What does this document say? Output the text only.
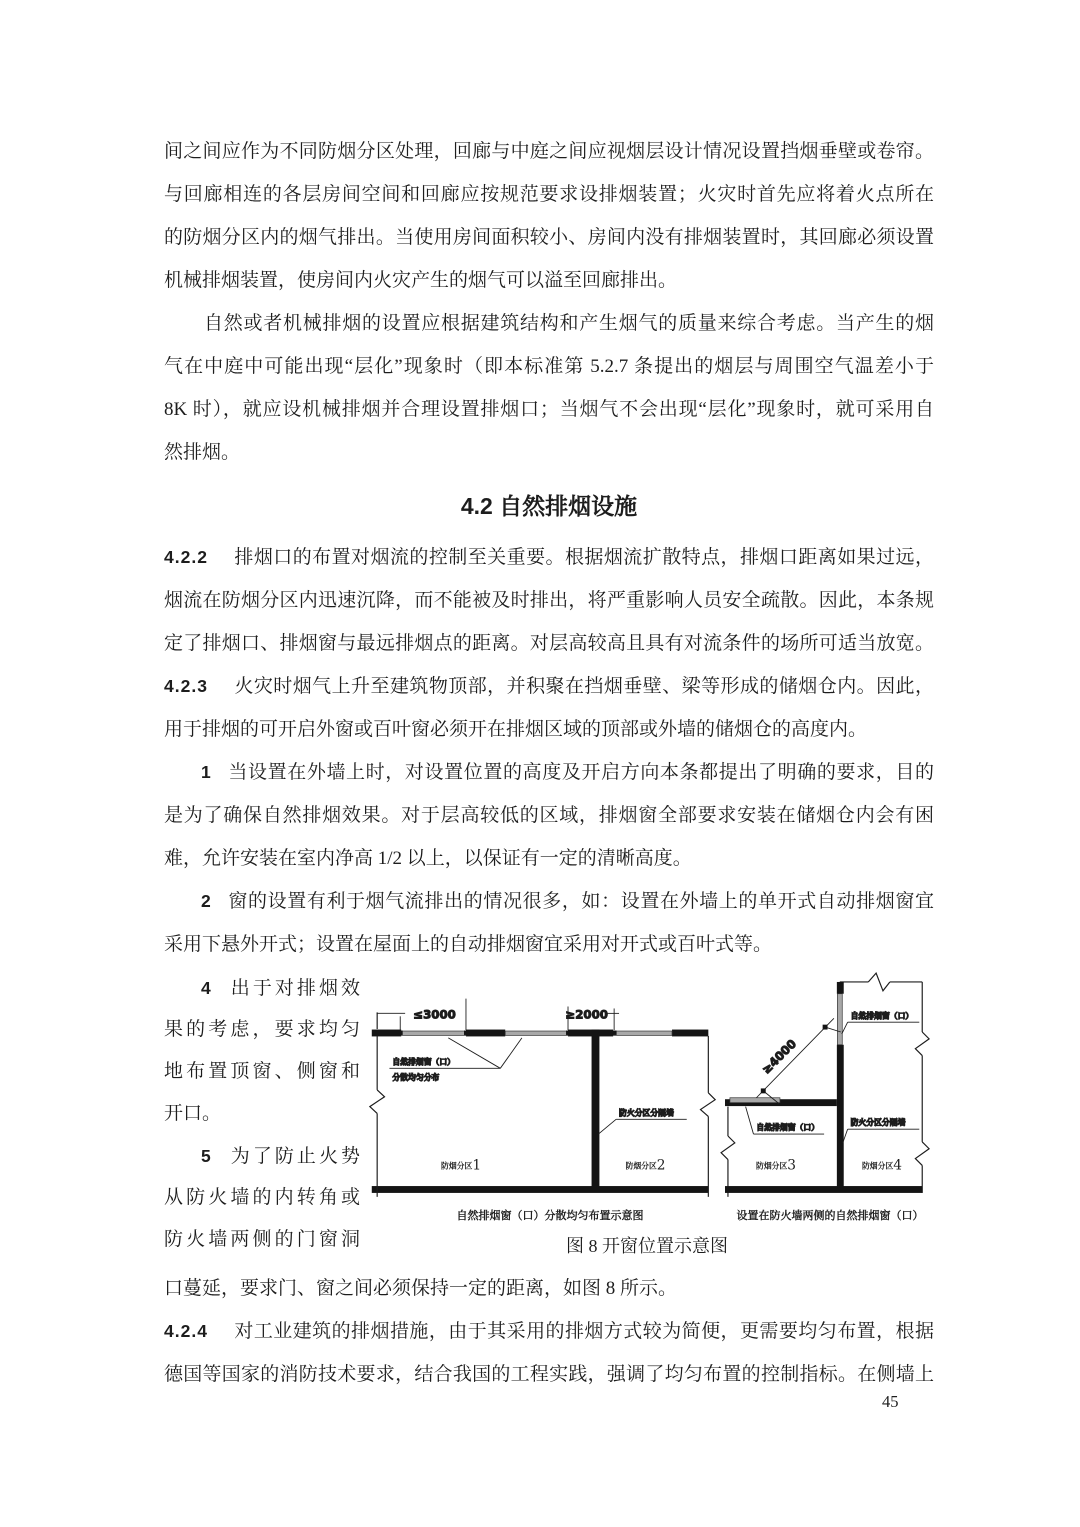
间之间应作为不同防烟分区处理，回廊与中庭之间应视烟层设计情况设置挡烟垂壁或卷帘。
与回廊相连的各层房间空间和回廊应按规范要求设排烟装置；火灾时首先应将着火点所在
的防烟分区内的烟气排出。当使用房间面积较小、房间内没有排烟装置时，其回廊必须设置
机械排烟装置，使房间内火灾产生的烟气可以溢至回廊排出。
自然或者机械排烟的设置应根据建筑结构和产生烟气的质量来综合考虑。当产生的烟
气在中庭中可能出现“层化”现象时（即本标准第 5.2.7 条提出的烟层与周围空气温差小于
8K 时），就应设机械排烟并合理设置排烟口；当烟气不会出现“层化”现象时，就可采用自
然排烟。
4.2 自然排烟设施
4.2.2 排烟口的布置对烟流的控制至关重要。根据烟流扩散特点，排烟口距离如果过远，
烟流在防烟分区内迅速沉降，而不能被及时排出，将严重影响人员安全疏散。因此，本条规
定了排烟口、排烟窗与最远排烟点的距离。对层高较高且具有对流条件的场所可适当放宽。
4.2.3 火灾时烟气上升至建筑物顶部，并积聚在挡烟垂壁、梁等形成的储烟仓内。因此，
用于排烟的可开启外窗或百叶窗必须开在排烟区域的顶部或外墙的储烟仓的高度内。
1 当设置在外墙上时，对设置位置的高度及开启方向本条都提出了明确的要求，目的
是为了确保自然排烟效果。对于层高较低的区域，排烟窗全部要求安装在储烟仓内会有困
难，允许安装在室内净高 1/2 以上，以保证有一定的清晰高度。
2 窗的设置有利于烟气流排出的情况很多，如：设置在外墙上的单开式自动排烟窗宜
采用下悬外开式；设置在屋面上的自动排烟窗宜采用对开式或百叶式等。
4 出于对排烟效
果的考虑，要求均匀
地布置顶窗、侧窗和
开口。
5 为了防止火势
从防火墙的内转角或
防火墙两侧的门窗洞
≤3000	≥2000
自然排烟窗（口）
分散均匀分布
防火分区分隔墙
防烟分区1	防烟分区2
≥4000
自然排烟窗（口）
自然排烟窗（口）
防火分区分隔墙
防烟分区3	防烟分区4
自然排烟窗（口）分散均匀布置示意图	设置在防火墙两侧的自然排烟窗（口）
图 8 开窗位置示意图
口蔓延，要求门、窗之间必须保持一定的距离，如图 8 所示。
4.2.4 对工业建筑的排烟措施，由于其采用的排烟方式较为简便，更需要均匀布置，根据
德国等国家的消防技术要求，结合我国的工程实践，强调了均匀布置的控制指标。在侧墙上
45
